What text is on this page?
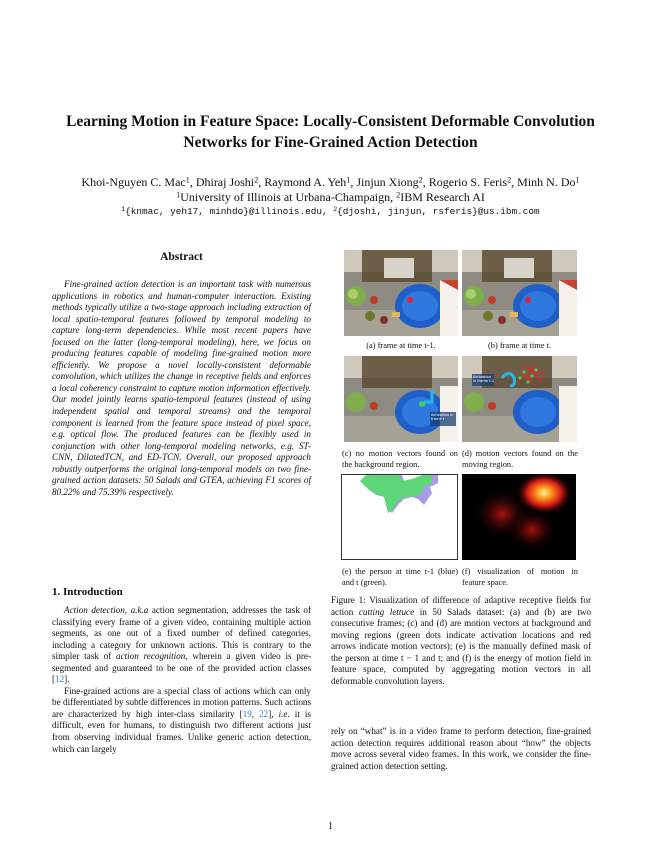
Learning Motion in Feature Space: Locally-Consistent Deformable Convolution
Networks for Fine-Grained Action Detection
Khoi-Nguyen C. Mac$^1$, Dhiraj Joshi$^2$, Raymond A. Yeh$^1$, Jinjun Xiong$^2$, Rogerio S. Feris$^2$, Minh N. Do$^1$
$^1$University of Illinois at Urbana-Champaign, $^2$IBM Research AI
$^1${knmac, yeh17, minhdo}@illinois.edu, $^2${djoshi, jinjun, rsferis}@us.ibm.com
Abstract

Fine-grained action detection is an important task with numerous applications in robotics and human-computer interaction. Existing methods typically utilize a two-stage approach including extraction of local spatio-temporal features followed by temporal modeling to capture long-term dependencies. While most recent papers have focused on the latter (long-temporal modeling), here, we focus on producing features capable of modeling fine-grained motion more efficiently. We propose a novel locally-consistent deformable convolution, which utilizes the change in receptive fields and enforces a local coherency constraint to capture motion information effectively. Our model jointly learns spatio-temporal features (instead of using independent spatial and temporal streams) and the temporal component is learned from the feature space instead of pixel space, e.g. optical flow. The produced features can be flexibly used in conjunction with other long-temporal modeling networks, e.g. ST-CNN, DilatedTCN, and ED-TCN. Overall, our proposed approach robustly outperforms the original long-temporal models on two fine-grained action datasets: 50 Salads and GTEA, achieving F1 scores of 80.22% and 75.39% respectively.

1. Introduction

Action detection, a.k.a action segmentation, addresses the task of classifying every frame of a given video, containing multiple action segments, as one out of a fixed number of defined categories, including a category for unknown actions. This is contrary to the simpler task of action recognition, wherein a given video is pre-segmented and guaranteed to be one of the provided action classes [12].

Fine-grained actions are a special class of actions which can only be differentiated by subtle differences in motion patterns. Such actions are characterized by high inter-class similarity [19, 22], i.e. it is difficult, even for humans, to distinguish two different actions just from observing individual frames. Unlike generic action detection, which can largely

(a) frame at time t-1.	(b) frame at time t.
Activation in frame t
Activation in frame t-1
(c) no motion vectors found on the background region.
(d) motion vectors found on the moving region.
(e) the person at time t-1 (blue) and t (green).
(f) visualization of motion in feature space.

Figure 1: Visualization of difference of adaptive receptive fields for action cutting lettuce in 50 Salads dataset: (a) and (b) are two consecutive frames; (c) and (d) are motion vectors at background and moving regions (green dots indicate activation locations and red arrows indicate motion vectors); (e) is the manually defined mask of the person at time t − 1 and t; and (f) is the energy of motion field in feature space, computed by aggregating motion vectors in all deformable convolution layers.

rely on “what” is in a video frame to perform detection, fine-grained action detection requires additional reason about “how” the objects move across several video frames. In this work, we consider the fine-grained action detection setting.

1
